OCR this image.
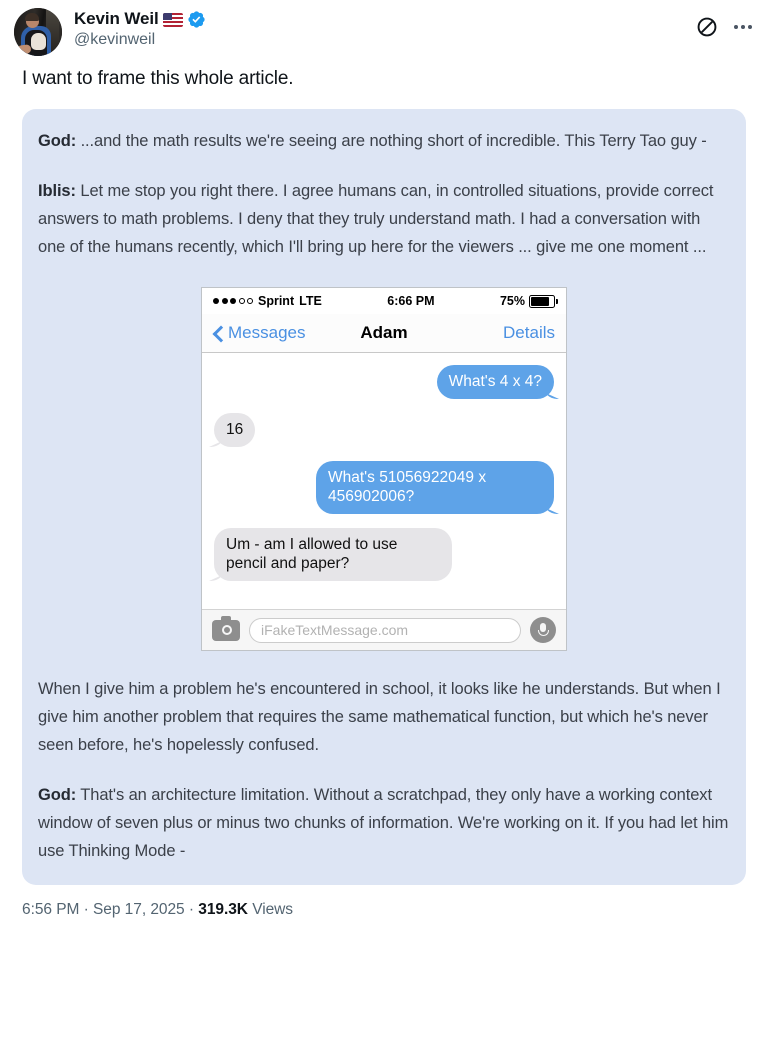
Kevin Weil
@kevinweil
I want to frame this whole article.

God: ...and the math results we're seeing are nothing short of incredible. This Terry Tao guy -

Iblis: Let me stop you right there. I agree humans can, in controlled situations, provide correct answers to math problems. I deny that they truly understand math. I had a conversation with one of the humans recently, which I'll bring up here for the viewers ... give me one moment ...

Sprint LTE	6:66 PM	75%
Messages	Adam	Details
What's 4 x 4?
16
What's 51056922049 x 456902006?
Um - am I allowed to use pencil and paper?
iFakeTextMessage.com

When I give him a problem he's encountered in school, it looks like he understands. But when I give him another problem that requires the same mathematical function, but which he's never seen before, he's hopelessly confused.

God: That's an architecture limitation. Without a scratchpad, they only have a working context window of seven plus or minus two chunks of information. We're working on it. If you had let him use Thinking Mode -

6:56 PM · Sep 17, 2025 · 319.3K Views
